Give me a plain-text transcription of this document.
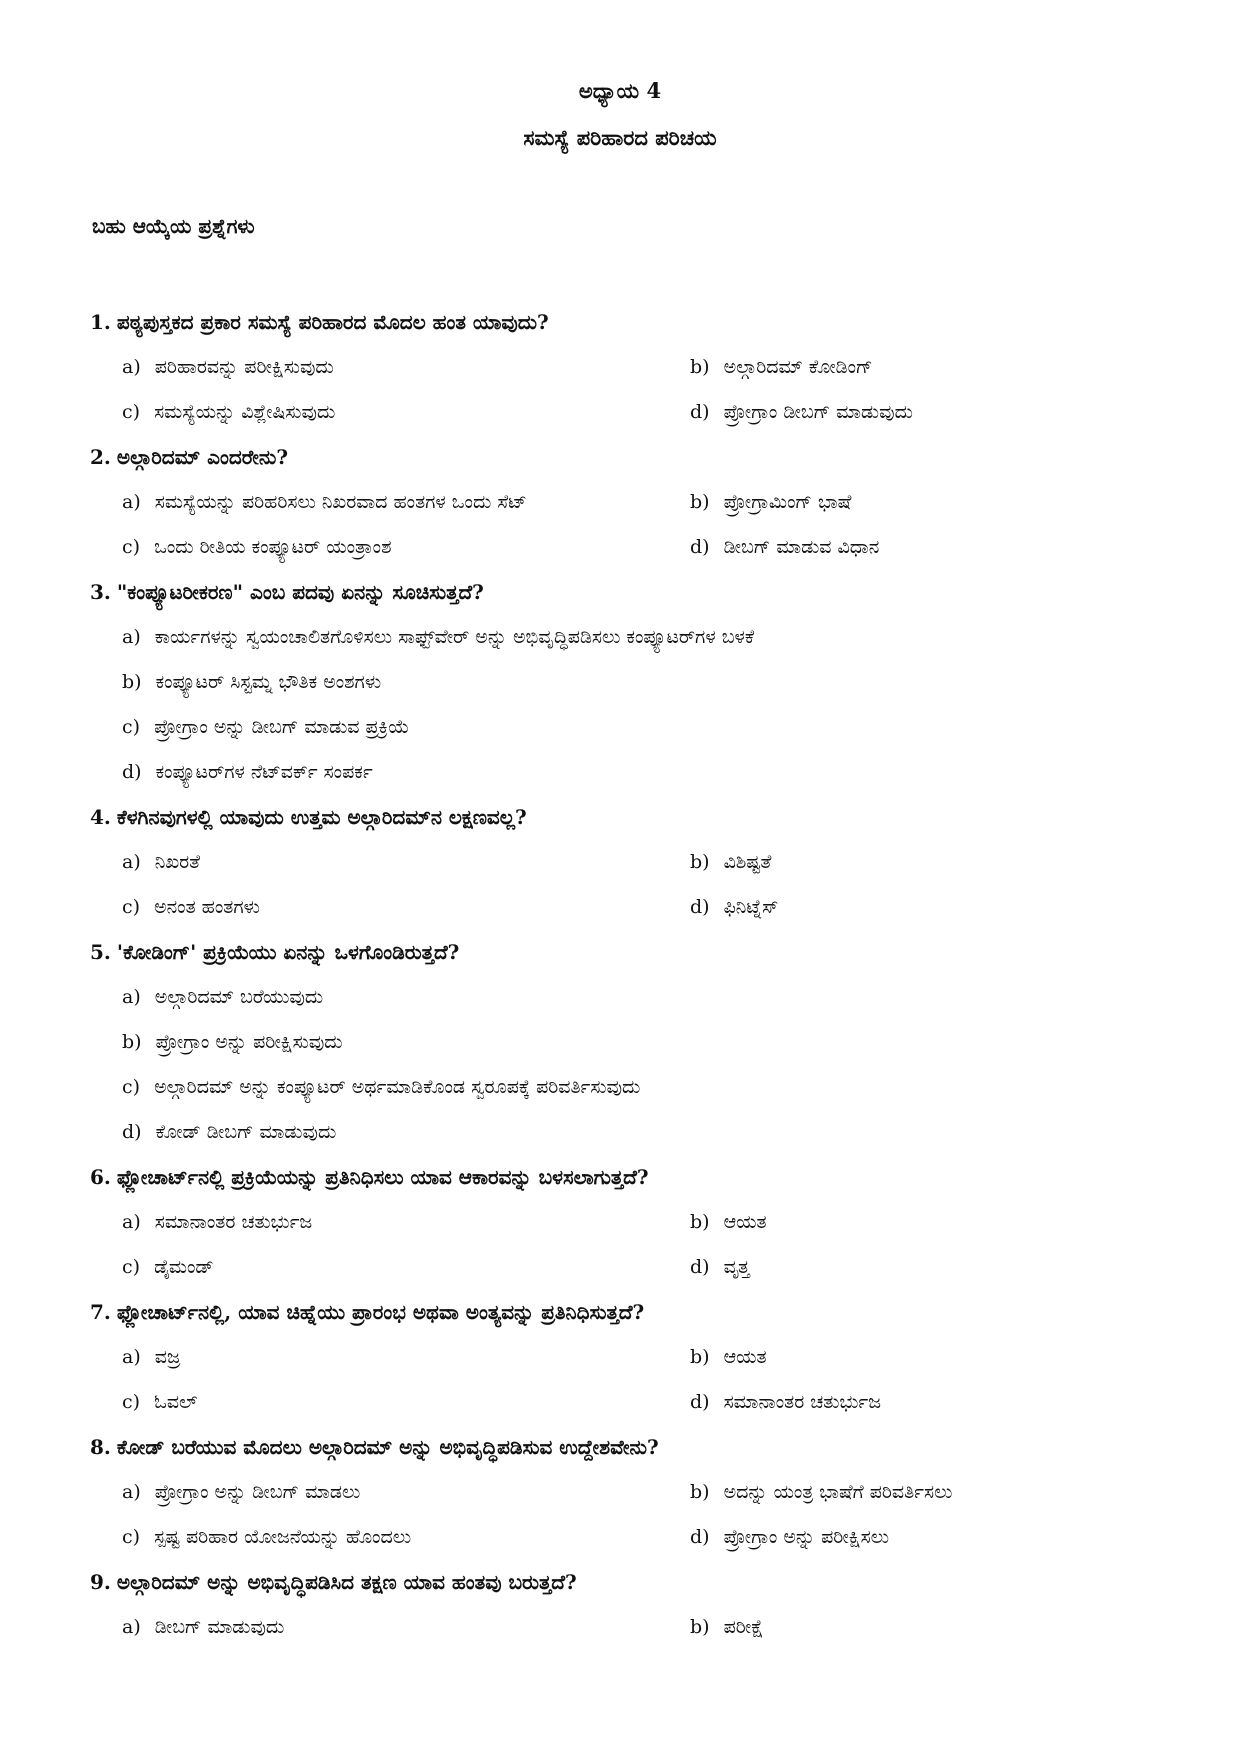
ಅಧ್ಯಾಯ 4
ಸಮಸ್ಯೆ ಪರಿಹಾರದ ಪರಿಚಯ
ಬಹು ಆಯ್ಕೆಯ ಪ್ರಶ್ನೆಗಳು
1. ಪಠ್ಯಪುಸ್ತಕದ ಪ್ರಕಾರ ಸಮಸ್ಯೆ ಪರಿಹಾರದ ಮೊದಲ ಹಂತ ಯಾವುದು?
a) ಪರಿಹಾರವನ್ನು ಪರೀಕ್ಷಿಸುವುದು	b) ಅಲ್ಗಾರಿದಮ್ ಕೋಡಿಂಗ್
c) ಸಮಸ್ಯೆಯನ್ನು ವಿಶ್ಲೇಷಿಸುವುದು	d) ಪ್ರೋಗ್ರಾಂ ಡೀಬಗ್ ಮಾಡುವುದು
2. ಅಲ್ಗಾರಿದಮ್ ಎಂದರೇನು?
a) ಸಮಸ್ಯೆಯನ್ನು ಪರಿಹರಿಸಲು ನಿಖರವಾದ ಹಂತಗಳ ಒಂದು ಸೆಟ್	b) ಪ್ರೋಗ್ರಾಮಿಂಗ್ ಭಾಷೆ
c) ಒಂದು ರೀತಿಯ ಕಂಪ್ಯೂಟರ್ ಯಂತ್ರಾಂಶ	d) ಡೀಬಗ್ ಮಾಡುವ ವಿಧಾನ
3. "ಕಂಪ್ಯೂಟರೀಕರಣ" ಎಂಬ ಪದವು ಏನನ್ನು ಸೂಚಿಸುತ್ತದೆ?
a) ಕಾರ್ಯಗಳನ್ನು ಸ್ವಯಂಚಾಲಿತಗೊಳಿಸಲು ಸಾಫ್ಟ್‌ವೇರ್ ಅನ್ನು ಅಭಿವೃದ್ಧಿಪಡಿಸಲು ಕಂಪ್ಯೂಟರ್‌ಗಳ ಬಳಕೆ
b) ಕಂಪ್ಯೂಟರ್ ಸಿಸ್ಟಮ್ನ ಭೌತಿಕ ಅಂಶಗಳು
c) ಪ್ರೋಗ್ರಾಂ ಅನ್ನು ಡೀಬಗ್ ಮಾಡುವ ಪ್ರಕ್ರಿಯೆ
d) ಕಂಪ್ಯೂಟರ್‌ಗಳ ನೆಟ್‌ವರ್ಕ್ ಸಂಪರ್ಕ
4. ಕೆಳಗಿನವುಗಳಲ್ಲಿ ಯಾವುದು ಉತ್ತಮ ಅಲ್ಗಾರಿದಮ್‌ನ ಲಕ್ಷಣವಲ್ಲ?
a) ನಿಖರತೆ	b) ವಿಶಿಷ್ಟತೆ
c) ಅನಂತ ಹಂತಗಳು	d) ಫಿನಿಟ್ನೆಸ್
5. 'ಕೋಡಿಂಗ್' ಪ್ರಕ್ರಿಯೆಯು ಏನನ್ನು ಒಳಗೊಂಡಿರುತ್ತದೆ?
a) ಅಲ್ಗಾರಿದಮ್ ಬರೆಯುವುದು
b) ಪ್ರೋಗ್ರಾಂ ಅನ್ನು ಪರೀಕ್ಷಿಸುವುದು
c) ಅಲ್ಗಾರಿದಮ್ ಅನ್ನು ಕಂಪ್ಯೂಟರ್ ಅರ್ಥಮಾಡಿಕೊಂಡ ಸ್ವರೂಪಕ್ಕೆ ಪರಿವರ್ತಿಸುವುದು
d) ಕೋಡ್ ಡೀಬಗ್ ಮಾಡುವುದು
6. ಫ್ಲೋಚಾರ್ಟ್‌ನಲ್ಲಿ ಪ್ರಕ್ರಿಯೆಯನ್ನು ಪ್ರತಿನಿಧಿಸಲು ಯಾವ ಆಕಾರವನ್ನು ಬಳಸಲಾಗುತ್ತದೆ?
a) ಸಮಾನಾಂತರ ಚತುರ್ಭುಜ	b) ಆಯತ
c) ಡೈಮಂಡ್	d) ವೃತ್ತ
7. ಫ್ಲೋಚಾರ್ಟ್‌ನಲ್ಲಿ, ಯಾವ ಚಿಹ್ನೆಯು ಪ್ರಾರಂಭ ಅಥವಾ ಅಂತ್ಯವನ್ನು ಪ್ರತಿನಿಧಿಸುತ್ತದೆ?
a) ವಜ್ರ	b) ಆಯತ
c) ಓವಲ್	d) ಸಮಾನಾಂತರ ಚತುರ್ಭುಜ
8. ಕೋಡ್ ಬರೆಯುವ ಮೊದಲು ಅಲ್ಗಾರಿದಮ್ ಅನ್ನು ಅಭಿವೃದ್ಧಿಪಡಿಸುವ ಉದ್ದೇಶವೇನು?
a) ಪ್ರೋಗ್ರಾಂ ಅನ್ನು ಡೀಬಗ್ ಮಾಡಲು	b) ಅದನ್ನು ಯಂತ್ರ ಭಾಷೆಗೆ ಪರಿವರ್ತಿಸಲು
c) ಸ್ಪಷ್ಟ ಪರಿಹಾರ ಯೋಜನೆಯನ್ನು ಹೊಂದಲು	d) ಪ್ರೋಗ್ರಾಂ ಅನ್ನು ಪರೀಕ್ಷಿಸಲು
9. ಅಲ್ಗಾರಿದಮ್ ಅನ್ನು ಅಭಿವೃದ್ಧಿಪಡಿಸಿದ ತಕ್ಷಣ ಯಾವ ಹಂತವು ಬರುತ್ತದೆ?
a) ಡೀಬಗ್ ಮಾಡುವುದು	b) ಪರೀಕ್ಷೆ
